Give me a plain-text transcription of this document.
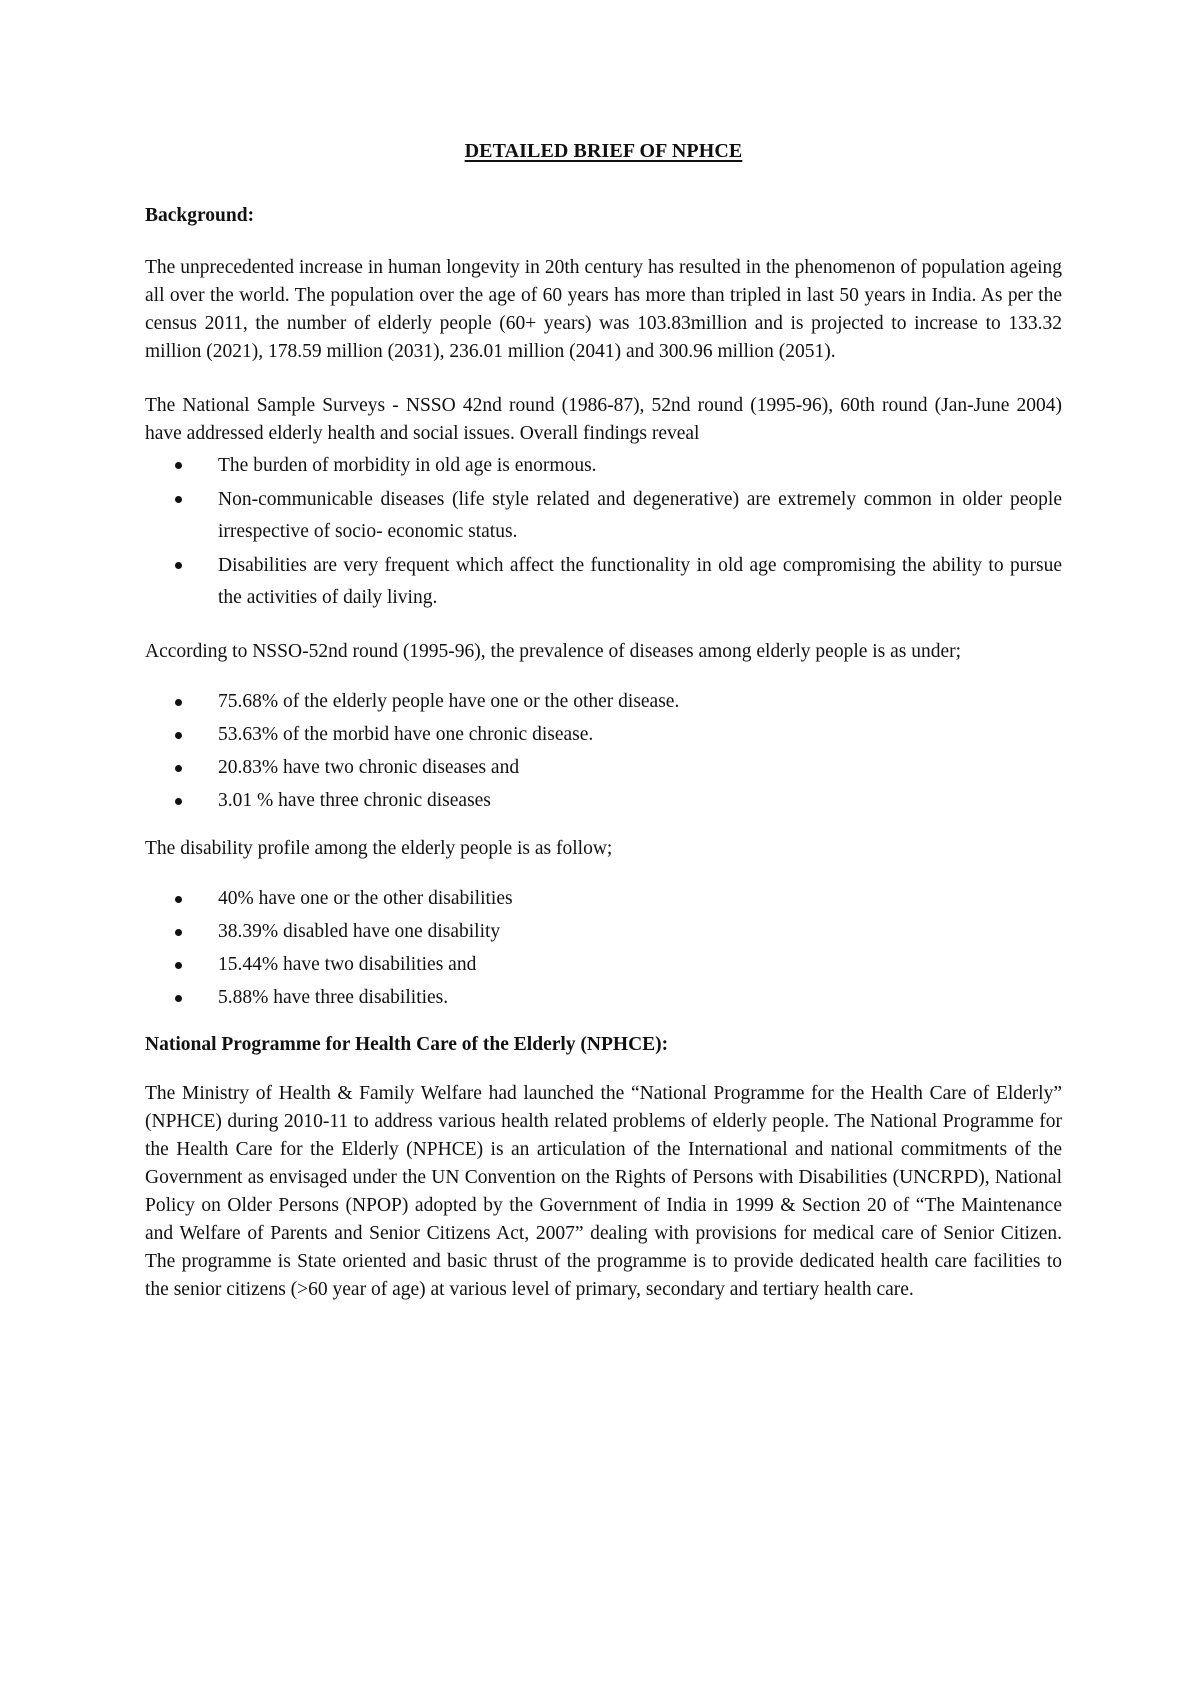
DETAILED BRIEF OF NPHCE
Background:

The unprecedented increase in human longevity in 20th century has resulted in the phenomenon of population ageing all over the world. The population over the age of 60 years has more than tripled in last 50 years in India. As per the census 2011, the number of elderly people (60+ years) was 103.83million and is projected to increase to 133.32 million (2021), 178.59 million (2031), 236.01 million (2041) and 300.96 million (2051).

The National Sample Surveys - NSSO 42nd round (1986-87), 52nd round (1995-96), 60th round (Jan-June 2004) have addressed elderly health and social issues. Overall findings reveal

The burden of morbidity in old age is enormous.
Non-communicable diseases (life style related and degenerative) are extremely common in older people irrespective of socio- economic status.
Disabilities are very frequent which affect the functionality in old age compromising the ability to pursue the activities of daily living.

According to NSSO-52nd round (1995-96), the prevalence of diseases among elderly people is as under;

75.68% of the elderly people have one or the other disease.
53.63% of the morbid have one chronic disease.
20.83% have two chronic diseases and
3.01 % have three chronic diseases

The disability profile among the elderly people is as follow;

40% have one or the other disabilities
38.39% disabled have one disability
15.44% have two disabilities and
5.88% have three disabilities.
National Programme for Health Care of the Elderly (NPHCE):

The Ministry of Health & Family Welfare had launched the “National Programme for the Health Care of Elderly” (NPHCE) during 2010-11 to address various health related problems of elderly people. The National Programme for the Health Care for the Elderly (NPHCE) is an articulation of the International and national commitments of the Government as envisaged under the UN Convention on the Rights of Persons with Disabilities (UNCRPD), National Policy on Older Persons (NPOP) adopted by the Government of India in 1999 & Section 20 of “The Maintenance and Welfare of Parents and Senior Citizens Act, 2007” dealing with provisions for medical care of Senior Citizen. The programme is State oriented and basic thrust of the programme is to provide dedicated health care facilities to the senior citizens (>60 year of age) at various level of primary, secondary and tertiary health care.
